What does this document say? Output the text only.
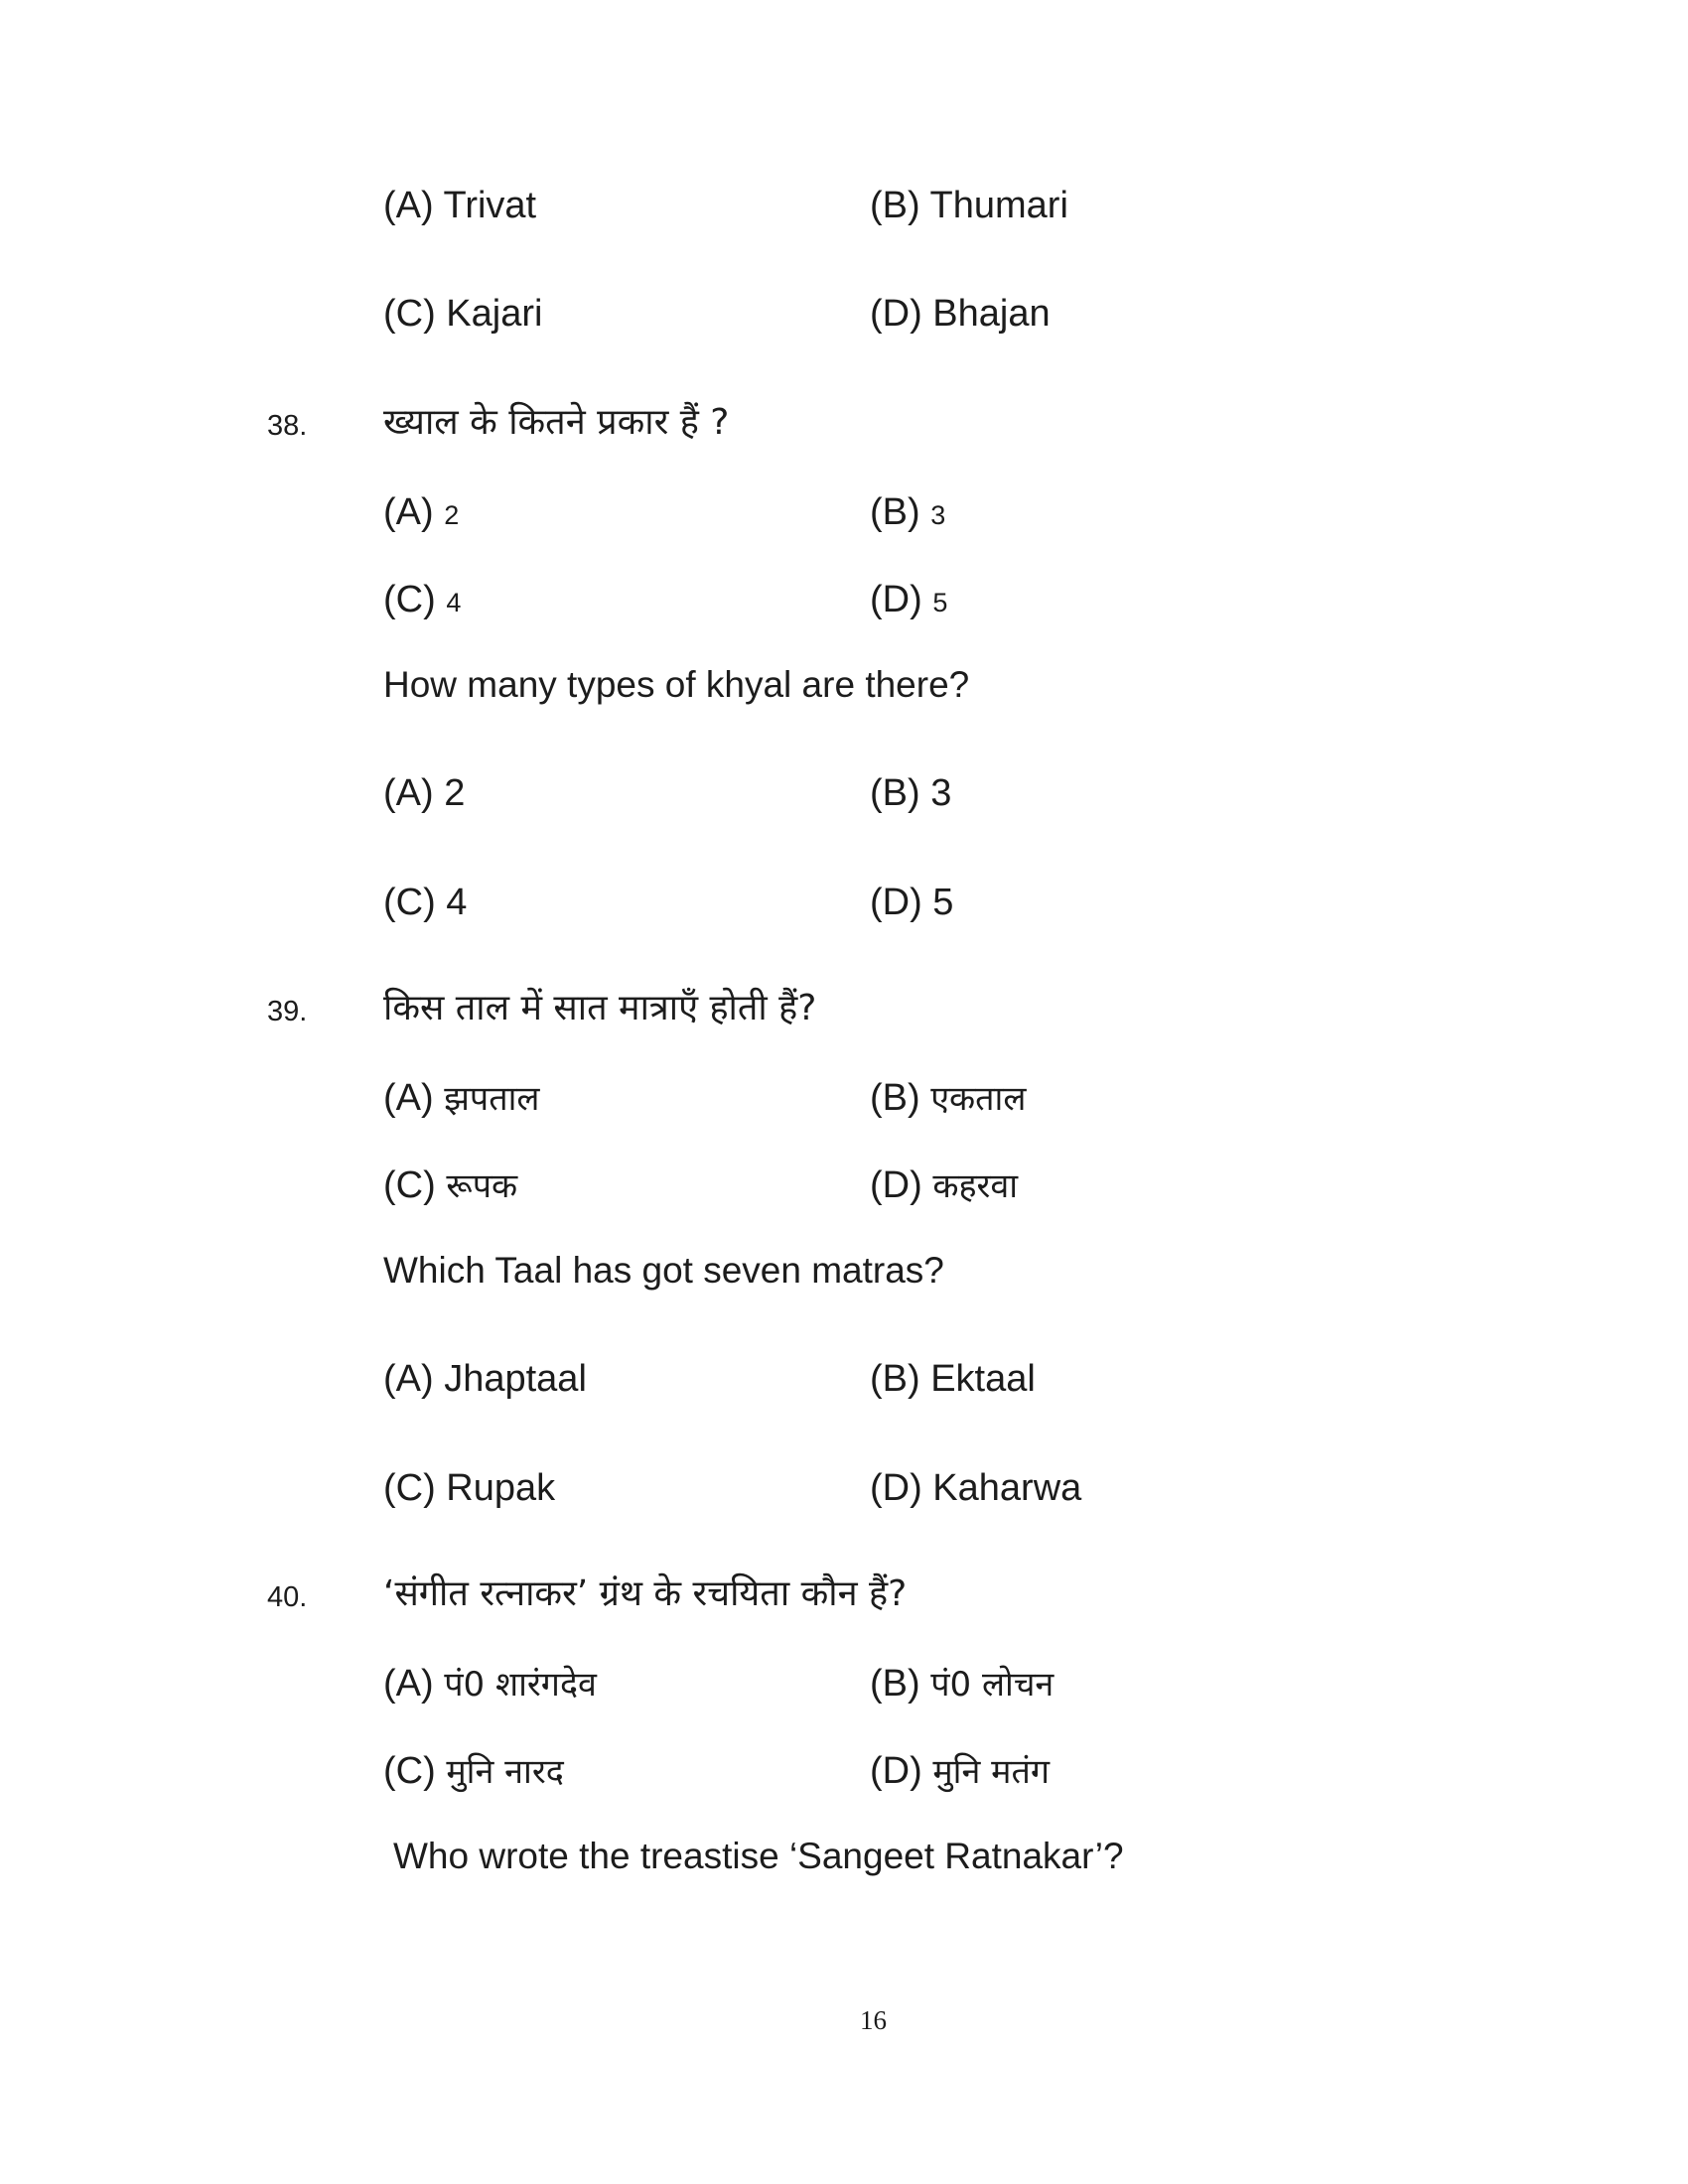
(A) Trivat	(B) Thumari
(C) Kajari	(D) Bhajan
38. ख्याल के कितने प्रकार हैं ?
(A) 2	(B) 3
(C) 4	(D) 5
How many types of khyal are there?
(A) 2	(B) 3
(C) 4	(D) 5
39. किस ताल में सात मात्राएँ होती हैं?
(A) झपताल	(B) एकताल
(C) रूपक	(D) कहरवा
Which Taal has got seven matras?
(A) Jhaptaal	(B) Ektaal
(C) Rupak	(D) Kaharwa
40. ‘संगीत रत्नाकर’ ग्रंथ के रचयिता कौन हैं?
(A) पं0 शारंगदेव	(B) पं0 लोचन
(C) मुनि नारद	(D) मुनि मतंग
Who wrote the treastise ‘Sangeet Ratnakar’?
16
